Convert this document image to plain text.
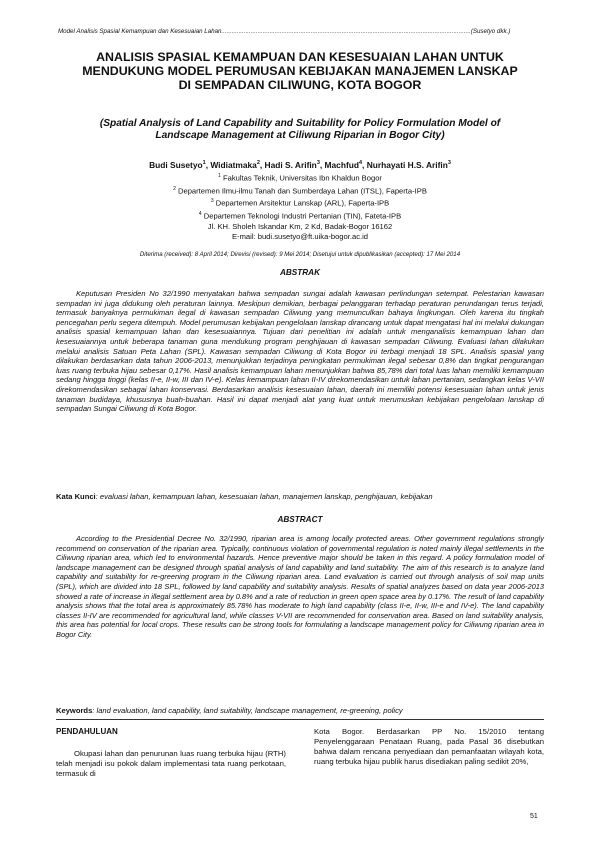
Model Analisis Spasial Kemampuan dan Kesesuaian Lahan.................................................................................................................................................(Susetyo dkk.)
ANALISIS SPASIAL KEMAMPUAN DAN KESESUAIAN LAHAN UNTUK
MENDUKUNG MODEL PERUMUSAN KEBIJAKAN MANAJEMEN LANSKAP
DI SEMPADAN CILIWUNG, KOTA BOGOR
(Spatial Analysis of Land Capability and Suitability for Policy Formulation Model of
Landscape Management at Ciliwung Riparian in Bogor City)
Budi Susetyo$^1$, Widiatmaka$^2$, Hadi S. Arifin$^3$, Machfud$^4$, Nurhayati H.S. Arifin$^3$
$^1$ Fakultas Teknik, Universitas Ibn Khaldun Bogor
$^2$ Departemen Ilmu-ilmu Tanah dan Sumberdaya Lahan (ITSL), Faperta-IPB
$^3$ Departemen Arsitektur Lanskap (ARL), Faperta-IPB
$^4$ Departemen Teknologi Industri Pertanian (TIN), Fateta-IPB
Jl. KH. Sholeh Iskandar Km, 2 Kd, Badak-Bogor 16162
E-mail: budi.susetyo@ft.uika-bogor.ac.id
Diterima (received): 8 April 2014; Direvisi (revised): 9 Mei 2014; Disetujui untuk dipublikasikan (accepted): 17 Mei 2014
ABSTRAK

Keputusan Presiden No 32/1990 menyatakan bahwa sempadan sungai adalah kawasan perlindungan setempat. Pelestarian kawasan sempadan ini juga didukung oleh peraturan lainnya. Meskipun demikian, berbagai pelanggaran terhadap peraturan perundangan terus terjadi, termasuk banyaknya permukiman ilegal di kawasan sempadan Ciliwung yang memunculkan bahaya lingkungan. Oleh karena itu tingkah pencegahan perlu segera ditempuh. Model perumusan kebijakan pengelolaan lanskap dirancang untuk dapat mengatasi hal ini melalui dukungan analisis spasial kemampuan lahan dan kesesuaiannya. Tujuan dari penelitian ini adalah untuk menganalisis kemampuan lahan dan kesesuaiannya untuk beberapa tanaman guna mendukung program penghijauan di kawasan sempadan Ciliwung. Evaluasi lahan dilakukan melalui analisis Satuan Peta Lahan (SPL). Kawasan sempadan Ciliwung di Kota Bogor ini terbagi menjadi 18 SPL. Analisis spasial yang dilakukan berdasarkan data tahun 2006-2013, menunjukkan terjadinya peningkatan permukiman ilegal sebesar 0,8% dan tingkat pengurangan luas ruang terbuka hijau sebesar 0,17%. Hasil analisis kemampuan lahan menunjukkan bahwa 85,78% dari total luas lahan memiliki kemampuan sedang hingga tinggi (kelas II-e, II-w, III dan IV-e). Kelas kemampuan lahan II-IV direkomendasikan untuk lahan pertanian, sedangkan kelas V-VII direkomendasikan sebagai lahan konservasi. Berdasarkan analisis kesesuaian lahan, daerah ini memiliki potensi kesesuaian lahan untuk jenis tanaman budidaya, khususnya buah-buahan. Hasil ini dapat menjadi alat yang kuat untuk merumuskan kebijakan pengelolaan lanskap di sempadan Sungai Ciliwung di Kota Bogor.

Kata Kunci: evaluasi lahan, kemampuan lahan, kesesuaian lahan, manajemen lanskap, penghijauan, kebijakan
ABSTRACT

According to the Presidential Decree No. 32/1990, riparian area is among locally protected areas. Other government regulations strongly recommend on conservation of the riparian area. Typically, continuous violation of governmental regulation is noted mainly illegal settlements in the Ciliwung riparian area, which led to environmental hazards. Hence preventive major should be taken in this regard. A policy formulation model of landscape management can be designed through spatial analysis of land capability and land suitability. The aim of this research is to analyze land capability and suitability for re-greening program in the Ciliwung riparian area. Land evaluation is carried out through analysis of soil map units (SPL), which are divided into 18 SPL, followed by land capability and suitability analysis. Results of spatial analyzes based on data year 2006-2013 showed a rate of increase in illegal settlement area by 0.8% and a rate of reduction in green open space area by 0.17%. The result of land capability analysis shows that the total area is approximately 85.78% has moderate to high land capability (class II-e, II-w, III-e and IV-e). The land capability classes II-IV are recommended for agricultural land, while classes V-VII are recommended for conservation area. Based on land suitability analysis, this area has potential for local crops. These results can be strong tools for formulating a landscape management policy for Ciliwung riparian area in Bogor City.

Keywords: land evaluation, land capability, land suitability, landscape management, re-greening, policy

PENDAHULUAN

Okupasi lahan dan penurunan luas ruang terbuka hijau (RTH) telah menjadi isu pokok dalam implementasi tata ruang perkotaan, termasuk di

Kota Bogor. Berdasarkan PP No. 15/2010 tentang Penyelenggaraan Penataan Ruang, pada Pasal 36 disebutkan bahwa dalam rencana penyediaan dan pemanfaatan wilayah kota, ruang terbuka hijau publik harus disediakan paling sedikit 20%,

51
